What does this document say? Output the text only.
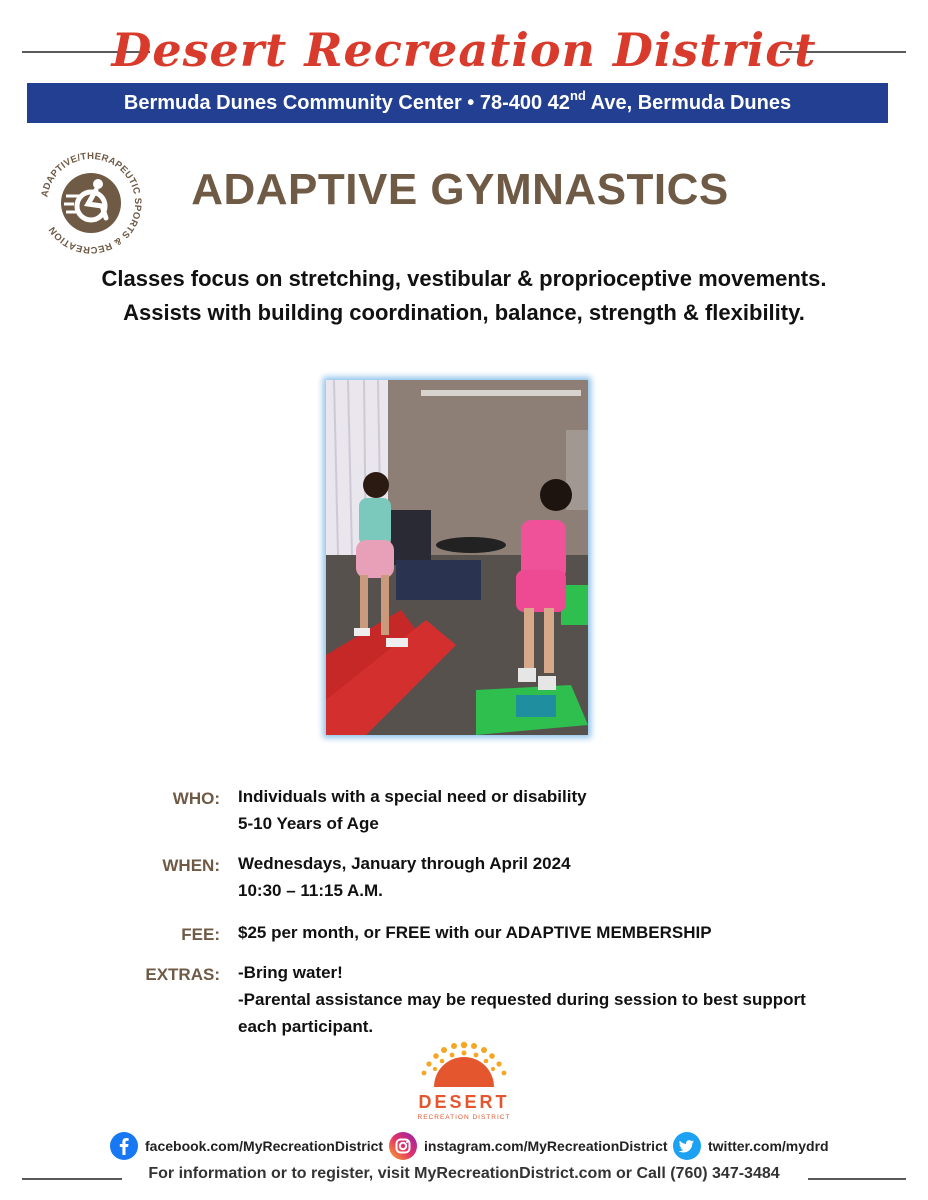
Desert Recreation District
Bermuda Dunes Community Center • 78-400 42nd Ave, Bermuda Dunes
ADAPTIVE/THERAPEUTIC SPORTS & RECREATION
ADAPTIVE GYMNASTICS
Classes focus on stretching, vestibular & proprioceptive movements. Assists with building coordination, balance, strength & flexibility.
WHO: Individuals with a special need or disability
5-10 Years of Age
WHEN: Wednesdays, January through April 2024
10:30 – 11:15 A.M.
FEE: $25 per month, or FREE with our ADAPTIVE MEMBERSHIP
EXTRAS: -Bring water!
-Parental assistance may be requested during session to best support
each participant.
DESERT
RECREATION DISTRICT
facebook.com/MyRecreationDistrict	instagram.com/MyRecreationDistrict	twitter.com/mydrd
For information or to register, visit MyRecreationDistrict.com or Call (760) 347-3484
